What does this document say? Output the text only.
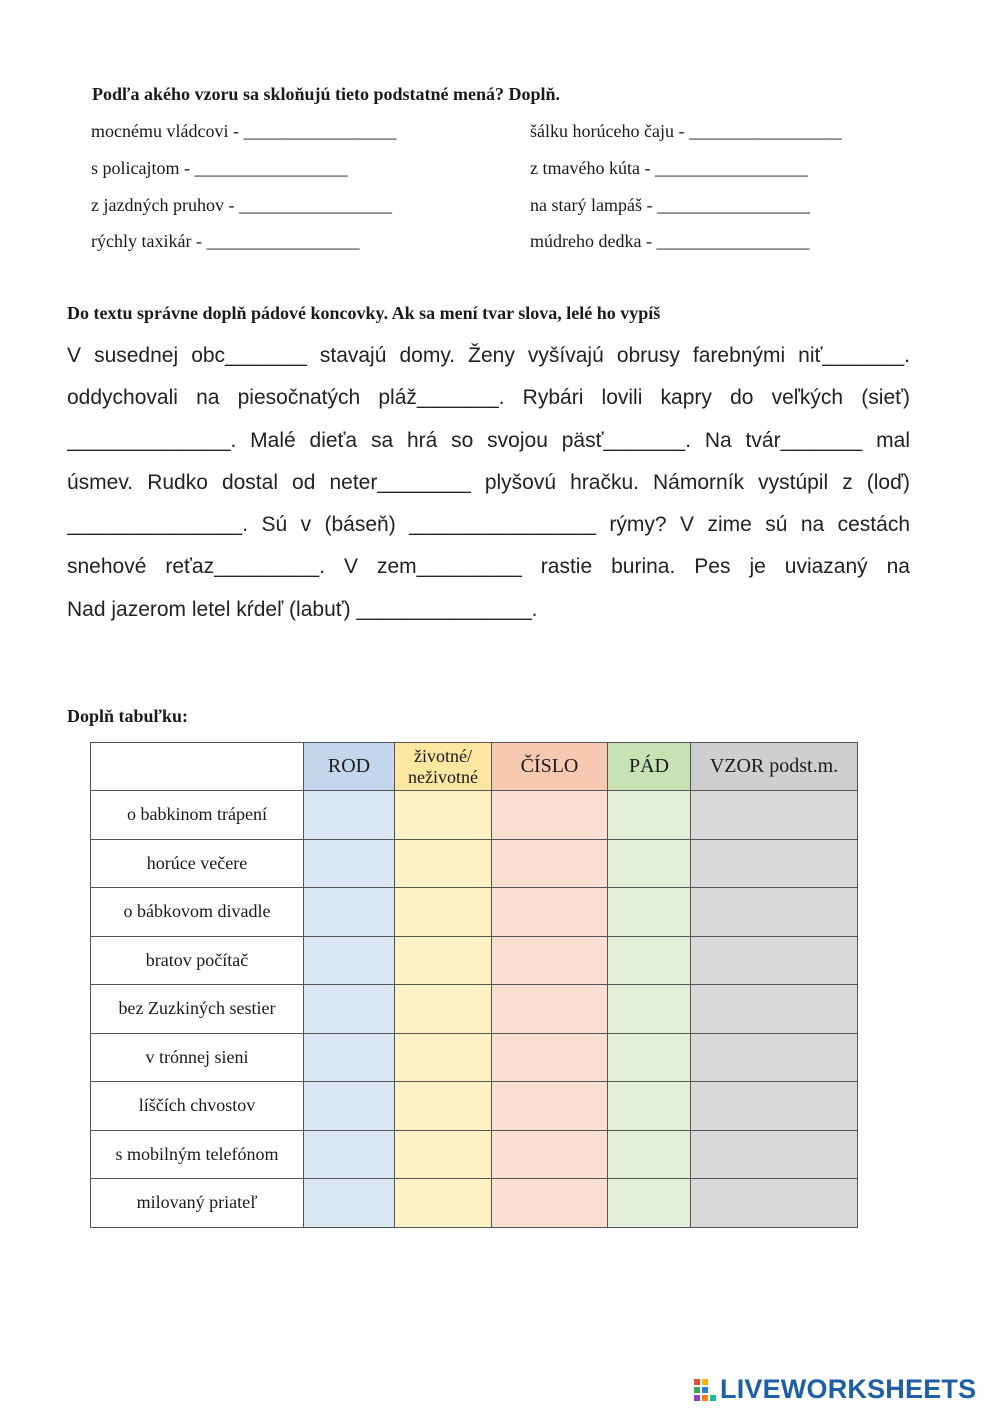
Podľa akého vzoru sa skloňujú tieto podstatné mená? Doplň.
mocnému vládcovi - _________________
s policajtom - _________________
z jazdných pruhov - _________________
rýchly taxikár - _________________
šálku horúceho čaju - _________________
z tmavého kúta - _________________
na starý lampáš - _________________
múdreho dedka - _________________
Do textu správne doplň pádové koncovky. Ak sa mení tvar slova, lelé ho vypíš
V susednej obc_______ stavajú domy. Ženy vyšívajú obrusy farebnými niť_______.
oddychovali na piesočnatých pláž_______. Rybári lovili kapry do veľkých (sieť)
______________. Malé dieťa sa hrá so svojou päsť_______. Na tvár_______ mal
úsmev. Rudko dostal od neter________ plyšovú hračku. Námorník vystúpil z (loď)
_______________. Sú v (báseň) ________________ rýmy? V zime sú na cestách
snehové reťaz_________. V zem_________ rastie burina. Pes je uviazaný na
Nad jazerom letel kŕdeľ (labuť) _______________.
Doplň tabuľku:
	ROD	životné/
neživotné	ČÍSLO	PÁD	VZOR podst.m.
o babkinom trápení					
horúce večere					
o bábkovom divadle					
bratov počítač					
bez Zuzkiných sestier					
v trónnej sieni					
líščích chvostov					
s mobilným telefónom					
milovaný priateľ					
LIVEWORKSHEETS
